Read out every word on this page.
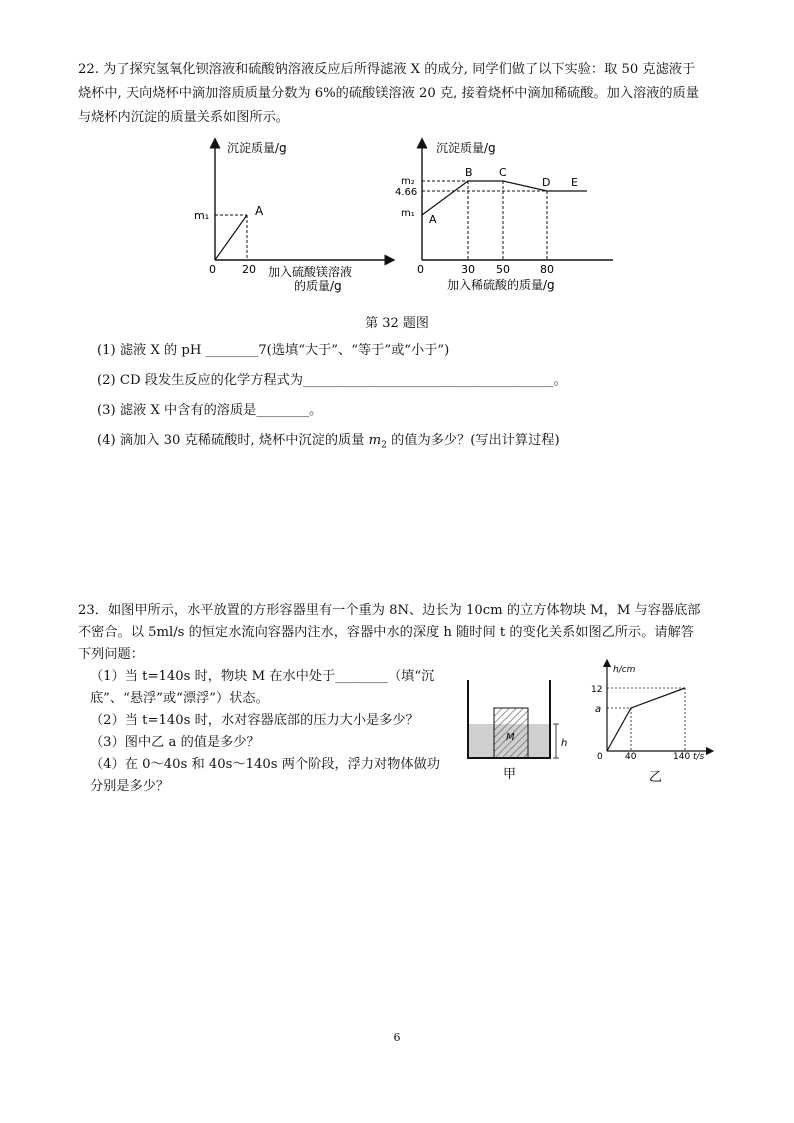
22. 为了探究氢氧化钡溶液和硫酸钠溶液反应后所得滤液 X 的成分, 同学们做了以下实验：取 50 克滤液于
烧杯中, 天向烧杯中滴加溶质质量分数为 6%的硫酸镁溶液 20 克, 接着烧杯中滴加稀硫酸。加入溶液的质量
与烧杯内沉淀的质量关系如图所示。
沉淀质量/g
m₁	A
0 20 加入硫酸镁溶液
的质量/g
沉淀质量/g
m₂
4.66
m₁ A
B C
D E
0	30 50	80
加入稀硫酸的质量/g
第 32 题图
(1) 滤液 X 的 pH ________7(选填“大于”、“等于”或“小于”)
(2) CD 段发生反应的化学方程式为______________________________________。
(3) 滤液 X 中含有的溶质是________。
(4) 滴加入 30 克稀硫酸时, 烧杯中沉淀的质量 $m_2$ 的值为多少？(写出计算过程)
23．如图甲所示，水平放置的方形容器里有一个重为 8N、边长为 10cm 的立方体物块 M，M 与容器底部
不密合。以 5ml/s 的恒定水流向容器内注水，容器中水的深度 h 随时间 t 的变化关系如图乙所示。请解答
下列问题：
（1）当 t=140s 时，物块 M 在水中处于________（填“沉
底”、“悬浮”或“漂浮”）状态。
（2）当 t=140s 时，水对容器底部的压力大小是多少？
（3）图中乙 a 的值是多少？
（4）在 0～40s 和 40s～140s 两个阶段，浮力对物体做功
分别是多少？
M
h
甲
h/cm
12
a
0 40	140 t/s
乙
6
